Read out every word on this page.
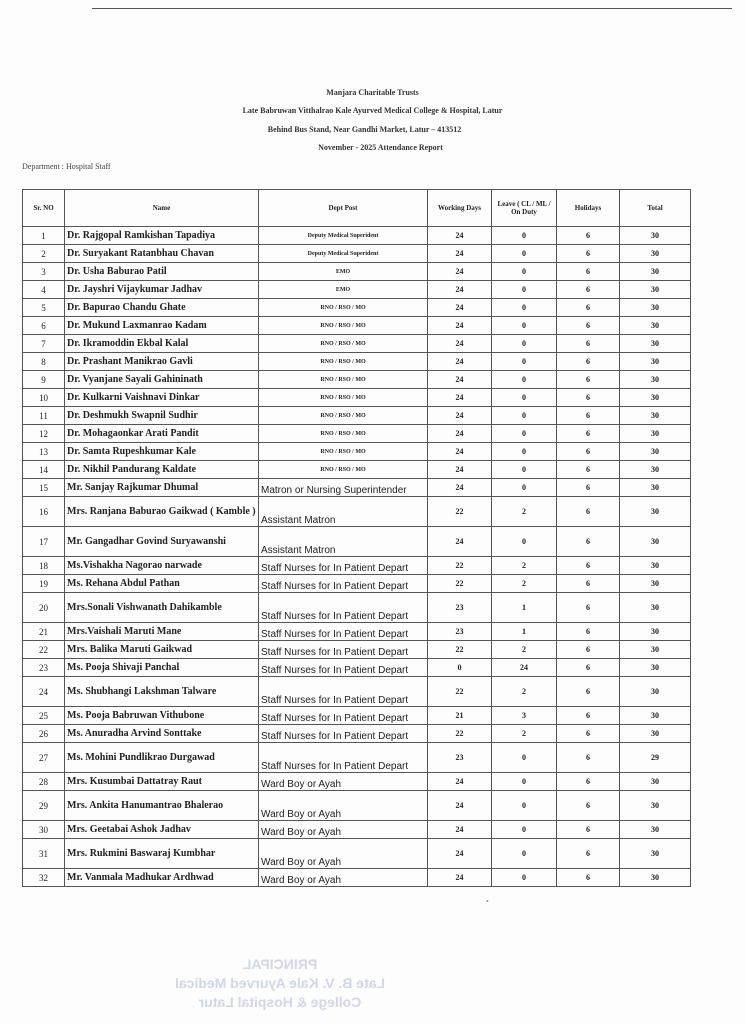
Manjara Charitable Trusts
Late Babruwan Vitthalrao Kale Ayurved Medical College & Hospital, Latur
Behind Bus Stand, Near Gandhi Market, Latur – 413512
November - 2025 Attendance Report
Department : Hospital Staff
Sr. NO	Name	Dept Post	Working Days	Leave ( CL / ML / On Duty	Holidays	Total
1	Dr. Rajgopal Ramkishan Tapadiya	Deputy Medical Superident	24	0	6	30
2	Dr. Suryakant Ratanbhau Chavan	Deputy Medical Superident	24	0	6	30
3	Dr. Usha Baburao Patil	EMO	24	0	6	30
4	Dr. Jayshri Vijaykumar Jadhav	EMO	24	0	6	30
5	Dr. Bapurao Chandu Ghate	RNO / RSO / MO	24	0	6	30
6	Dr. Mukund Laxmanrao Kadam	RNO / RSO / MO	24	0	6	30
7	Dr. Ikramoddin Ekbal Kalal	RNO / RSO / MO	24	0	6	30
8	Dr. Prashant Manikrao Gavli	RNO / RSO / MO	24	0	6	30
9	Dr. Vyanjane Sayali Gahininath	RNO / RSO / MO	24	0	6	30
10	Dr. Kulkarni Vaishnavi Dinkar	RNO / RSO / MO	24	0	6	30
11	Dr. Deshmukh Swapnil Sudhir	RNO / RSO / MO	24	0	6	30
12	Dr. Mohagaonkar Arati Pandit	RNO / RSO / MO	24	0	6	30
13	Dr. Samta Rupeshkumar Kale	RNO / RSO / MO	24	0	6	30
14	Dr. Nikhil Pandurang Kaldate	RNO / RSO / MO	24	0	6	30
15	Mr. Sanjay Rajkumar Dhumal	Matron or Nursing Superintender	24	0	6	30
16	Mrs. Ranjana Baburao Gaikwad ( Kamble )	Assistant Matron	22	2	6	30
17	Mr. Gangadhar Govind Suryawanshi	Assistant Matron	24	0	6	30
18	Ms.Vishakha Nagorao narwade	Staff Nurses for In Patient Depart	22	2	6	30
19	Ms. Rehana Abdul Pathan	Staff Nurses for In Patient Depart	22	2	6	30
20	Mrs.Sonali Vishwanath Dahikamble	Staff Nurses for In Patient Depart	23	1	6	30
21	Mrs.Vaishali Maruti Mane	Staff Nurses for In Patient Depart	23	1	6	30
22	Mrs. Balika Maruti Gaikwad	Staff Nurses for In Patient Depart	22	2	6	30
23	Ms. Pooja Shivaji Panchal	Staff Nurses for In Patient Depart	0	24	6	30
24	Ms. Shubhangi Lakshman Talware	Staff Nurses for In Patient Depart	22	2	6	30
25	Ms. Pooja Babruwan Vithubone	Staff Nurses for In Patient Depart	21	3	6	30
26	Ms. Anuradha Arvind Sonttake	Staff Nurses for In Patient Depart	22	2	6	30
27	Ms. Mohini Pundlikrao Durgawad	Staff Nurses for In Patient Depart	23	0	6	29
28	Mrs. Kusumbai Dattatray Raut	Ward Boy or Ayah	24	0	6	30
29	Mrs. Ankita Hanumantrao Bhalerao	Ward Boy or Ayah	24	0	6	30
30	Mrs. Geetabai Ashok Jadhav	Ward Boy or Ayah	24	0	6	30
31	Mrs. Rukmini Baswaraj Kumbhar	Ward Boy or Ayah	24	0	6	30
32	Mr. Vanmala Madhukar Ardhwad	Ward Boy or Ayah	24	0	6	30
•
PRINCIPAL
Late B. V. Kale Ayurved Medical
College & Hospital Latur
